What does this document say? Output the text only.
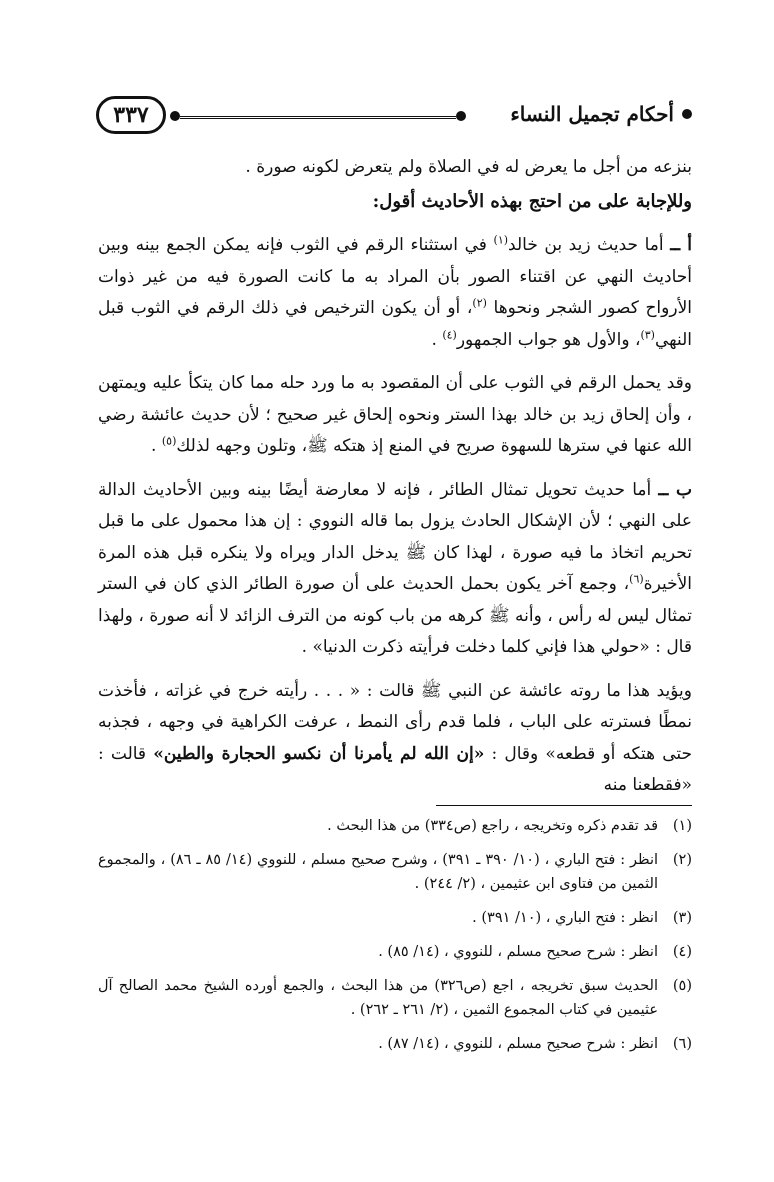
أحكام تجميل النساء
٣٣٧

بنزعه من أجل ما يعرض له في الصلاة ولم يتعرض لكونه صورة .

وللإجابة على من احتج بهذه الأحاديث أقول:

أ ــ أما حديث زيد بن خالد$^{(١)}$ في استثناء الرقم في الثوب فإنه يمكن الجمع بينه وبين أحاديث النهي عن اقتناء الصور بأن المراد به ما كانت الصورة فيه من غير ذوات الأرواح كصور الشجر ونحوها $^{(٢)}$، أو أن يكون الترخيص في ذلك الرقم في الثوب قبل النهي$^{(٣)}$، والأول هو جواب الجمهور$^{(٤)}$ .

وقد يحمل الرقم في الثوب على أن المقصود به ما ورد حله مما كان يتكأ عليه ويمتهن ، وأن إلحاق زيد بن خالد بهذا الستر ونحوه إلحاق غير صحيح ؛ لأن حديث عائشة رضي الله عنها في سترها للسهوة صريح في المنع إذ هتكه ﷺ، وتلون وجهه لذلك$^{(٥)}$ .

ب ــ أما حديث تحويل تمثال الطائر ، فإنه لا معارضة أيضًا بينه وبين الأحاديث الدالة على النهي ؛ لأن الإشكال الحادث يزول بما قاله النووي : إن هذا محمول على ما قبل تحريم اتخاذ ما فيه صورة ، لهذا كان ﷺ يدخل الدار ويراه ولا ينكره قبل هذه المرة الأخيرة$^{(٦)}$، وجمع آخر يكون بحمل الحديث على أن صورة الطائر الذي كان في الستر تمثال ليس له رأس ، وأنه ﷺ كرهه من باب كونه من الترف الزائد لا أنه صورة ، ولهذا قال : «حولي هذا فإني كلما دخلت فرأيته ذكرت الدنيا» .

ويؤيد هذا ما روته عائشة عن النبي ﷺ قالت : « . . . رأيته خرج في غزاته ، فأخذت نمطًا فسترته على الباب ، فلما قدم رأى النمط ، عرفت الكراهية في وجهه ، فجذبه حتى هتكه أو قطعه» وقال : «إن الله لم يأمرنا أن نكسو الحجارة والطين» قالت : «فقطعنا منه

(١)
قد تقدم ذكره وتخريجه ، راجع (ص٣٣٤) من هذا البحث .
(٢)
انظر : فتح الباري ، (١٠/ ٣٩٠ ـ ٣٩١) ، وشرح صحيح مسلم ، للنووي (١٤/ ٨٥ ـ ٨٦) ، والمجموع الثمين من فتاوى ابن عثيمين ، (٢/ ٢٤٤) .
(٣)
انظر : فتح الباري ، (١٠/ ٣٩١) .
(٤)
انظر : شرح صحيح مسلم ، للنووي ، (١٤/ ٨٥) .
(٥)
الحديث سبق تخريجه ، اجع (ص٣٢٦) من هذا البحث ، والجمع أورده الشيخ محمد الصالح آل عثيمين في كتاب المجموع الثمين ، (٢/ ٢٦١ ـ ٢٦٢) .
(٦)
انظر : شرح صحيح مسلم ، للنووي ، (١٤/ ٨٧) .
